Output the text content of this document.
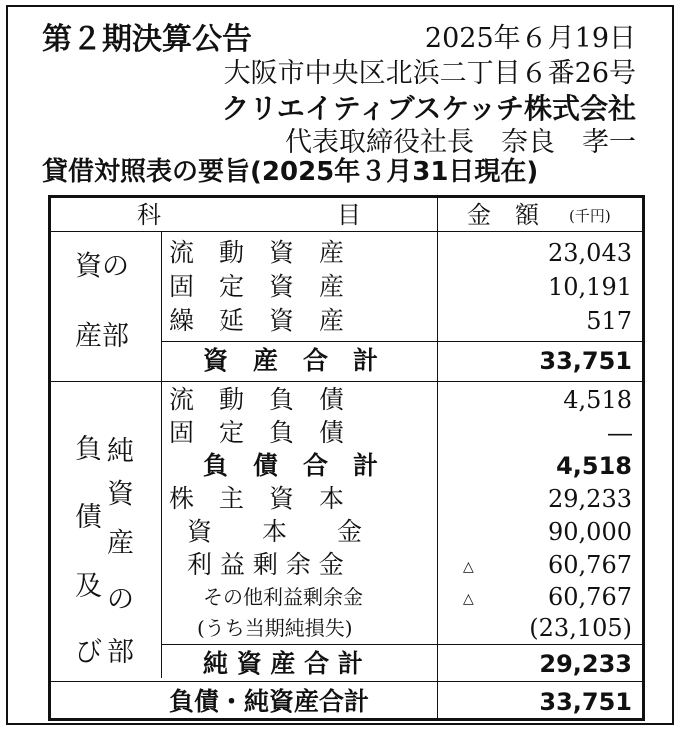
第２期決算公告	2025年６月19日
大阪市中央区北浜二丁目６番26号
クリエイティブスケッチ株式会社
代表取締役社長　奈良　孝一
貸借対照表の要旨(2025年３月31日現在)
科	目	金　額 (千円)
資の
産部
流　動　資　産	23,043
固　定　資　産	10,191
繰　延　資　産	517
資　産　合　計	33,751
負
債
及
び
純
資
産
の
部
流　動　負　債	4,518
固　定　負　債	―
負　債　合　計	4,518
株　主　資　本	29,233
資　　本　　金	90,000
利 益 剰 余 金	△	60,767
その他利益剰余金	△	60,767
(うち当期純損失)	(23,105)
純 資 産 合 計	29,233
負債・純資産合計	33,751
